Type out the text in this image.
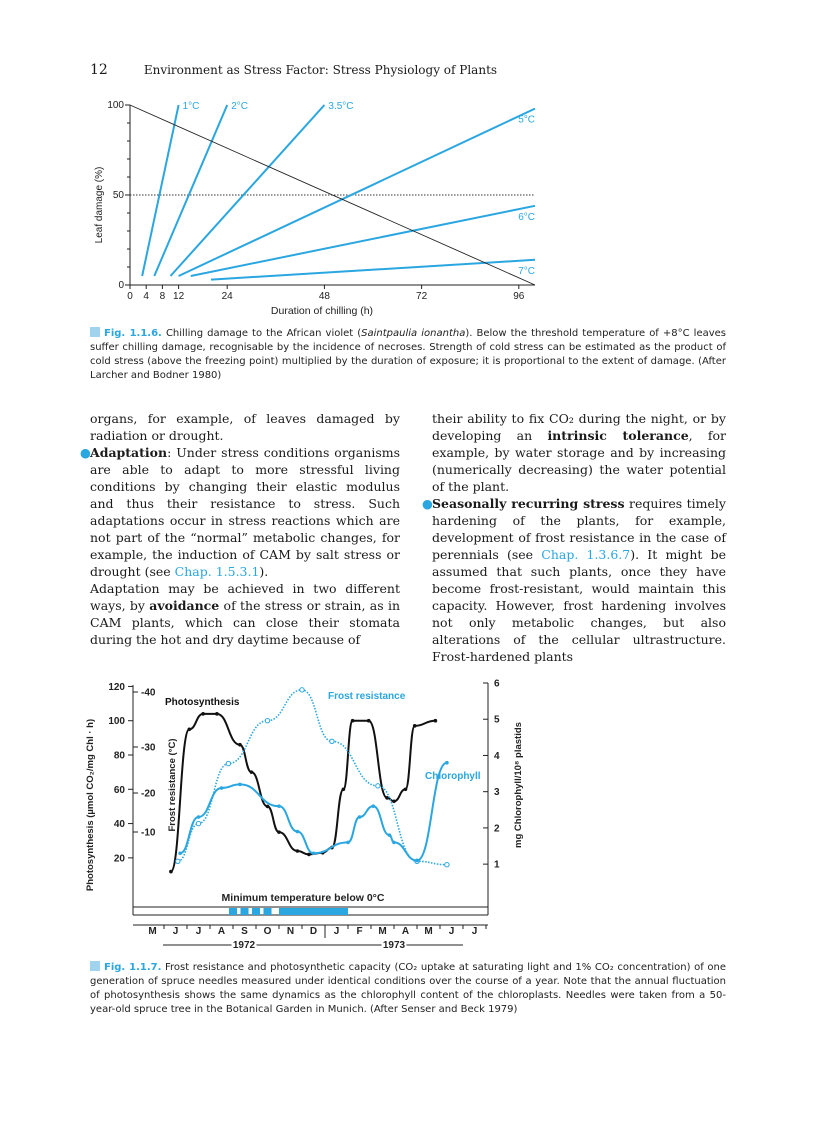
12	Environment as Stress Factor: Stress Physiology of Plants
0 4 8 12	24	48	72	96
0
50
100	1°C	2°C	3.5°C
5°C
6°C
7°C
Leaf damage (%)
Duration of chilling (h)
Fig. 1.1.6. Chilling damage to the African violet (Saintpaulia ionantha). Below the threshold temperature of +8°C leaves suffer chilling damage, recognisable by the incidence of necroses. Strength of cold stress can be estimated as the product of cold stress (above the freezing point) multiplied by the duration of exposure; it is proportional to the extent of damage. (After Larcher and Bodner 1980)

organs, for example, of leaves damaged by radiation or drought.

● Adaptation: Under stress conditions organisms are able to adapt to more stressful living conditions by changing their elastic modulus and thus their resistance to stress. Such adaptations occur in stress reactions which are not part of the “normal” metabolic changes, for example, the induction of CAM by salt stress or drought (see Chap. 1.5.3.1).

Adaptation may be achieved in two different ways, by avoidance of the stress or strain, as in CAM plants, which can close their stomata during the hot and dry daytime because of

their ability to fix CO₂ during the night, or by developing an intrinsic tolerance, for example, by water storage and by increasing (numerically decreasing) the water potential of the plant.

● Seasonally recurring stress requires timely hardening of the plants, for example, development of frost resistance in the case of perennials (see Chap. 1.3.6.7). It might be assumed that such plants, once they have become frost-resistant, would maintain this capacity. However, frost hardening involves not only metabolic changes, but also alterations of the cellular ultrastructure. Frost-hardened plants

20
40
60
80
100
120
-10
-20
-30
-40
1
2
3
4
5
6
M J J A S O N D J F M A M J J
1972	1973
Photosynthesis
Frost resistance
Chlorophyll
Photosynthesis (µmol CO₂/mg Chl · h)	Frost resistance (°C)	mg Chlorophyll/10⁸ plastids
Minimum temperature below 0°C
Fig. 1.1.7. Frost resistance and photosynthetic capacity (CO₂ uptake at saturating light and 1% CO₂ concentration) of one generation of spruce needles measured under identical conditions over the course of a year. Note that the annual fluctuation of photosynthesis shows the same dynamics as the chlorophyll content of the chloroplasts. Needles were taken from a 50-year-old spruce tree in the Botanical Garden in Munich. (After Senser and Beck 1979)
